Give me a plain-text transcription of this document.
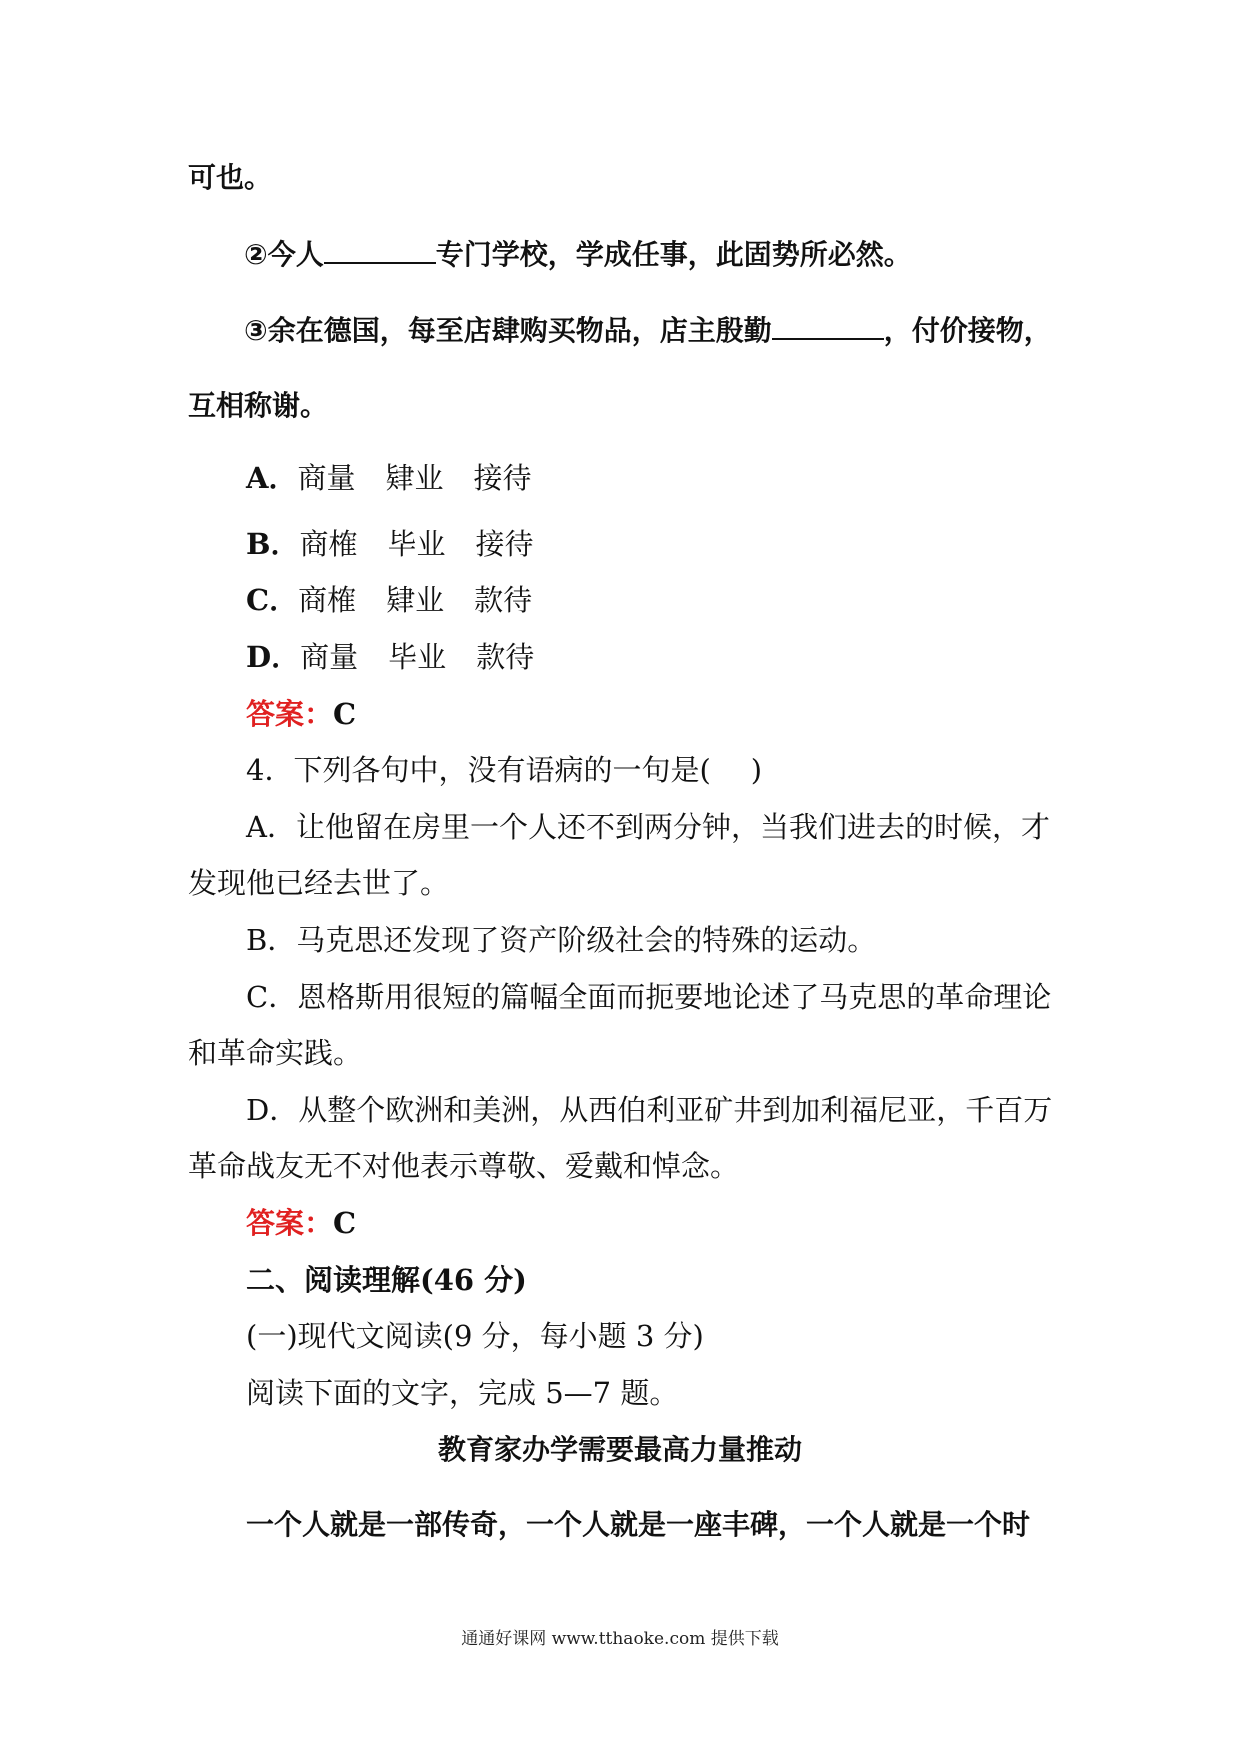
可也。
②今人	专门学校，学成任事，此固势所必然。
③余在德国，每至店肆购买物品，店主殷勤	，付价接物，
互相称谢。
A．商量 肄业 接待
B．商榷 毕业 接待
C．商榷 肄业 款待
D．商量 毕业 款待
答案：C
4．下列各句中，没有语病的一句是( )
A．让他留在房里一个人还不到两分钟，当我们进去的时候，才
发现他已经去世了。
B．马克思还发现了资产阶级社会的特殊的运动。
C．恩格斯用很短的篇幅全面而扼要地论述了马克思的革命理论
和革命实践。
D．从整个欧洲和美洲，从西伯利亚矿井到加利福尼亚，千百万
革命战友无不对他表示尊敬、爱戴和悼念。
答案：C
二、阅读理解(46 分)
(一)现代文阅读(9 分，每小题 3 分)
阅读下面的文字，完成 5—7 题。
教育家办学需要最高力量推动
一个人就是一部传奇，一个人就是一座丰碑，一个人就是一个时
通通好课网 www.tthaoke.com 提供下载
